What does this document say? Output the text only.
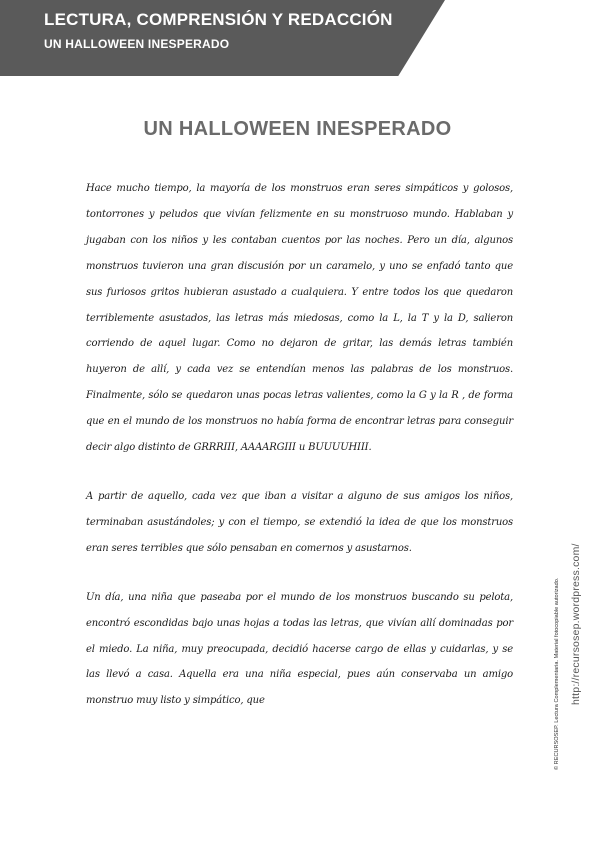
LECTURA, COMPRENSIÓN Y REDACCIÓN
UN HALLOWEEN INESPERADO
UN HALLOWEEN INESPERADO

Hace mucho tiempo, la mayoría de los monstruos eran seres simpáticos y golosos, tontorrones y peludos que vivían felizmente en su monstruoso mundo. Hablaban y jugaban con los niños y les contaban cuentos por las noches. Pero un día, algunos monstruos tuvieron una gran discusión por un caramelo, y uno se enfadó tanto que sus furiosos gritos hubieran asustado a cualquiera. Y entre todos los que quedaron terriblemente asustados, las letras más miedosas, como la L, la T y la D, salieron corriendo de aquel lugar. Como no dejaron de gritar, las demás letras también huyeron de allí, y cada vez se entendían menos las palabras de los monstruos. Finalmente, sólo se quedaron unas pocas letras valientes, como la G y la R , de forma que en el mundo de los monstruos no había forma de encontrar letras para conseguir decir algo distinto de GRRRIII, AAAARGIII u BUUUUHIII.

A partir de aquello, cada vez que iban a visitar a alguno de sus amigos los niños, terminaban asustándoles; y con el tiempo, se extendió la idea de que los monstruos eran seres terribles que sólo pensaban en comernos y asustarnos.

Un día, una niña que paseaba por el mundo de los monstruos buscando su pelota, encontró escondidas bajo unas hojas a todas las letras, que vivían allí dominadas por el miedo. La niña, muy preocupada, decidió hacerse cargo de ellas y cuidarlas, y se las llevó a casa. Aquella era una niña especial, pues aún conservaba un amigo monstruo muy listo y simpático, que	© RECURSOSEP. Lectura Complementaria. Material fotocopiable autorizado. http://recursosep.wordpress.com/
